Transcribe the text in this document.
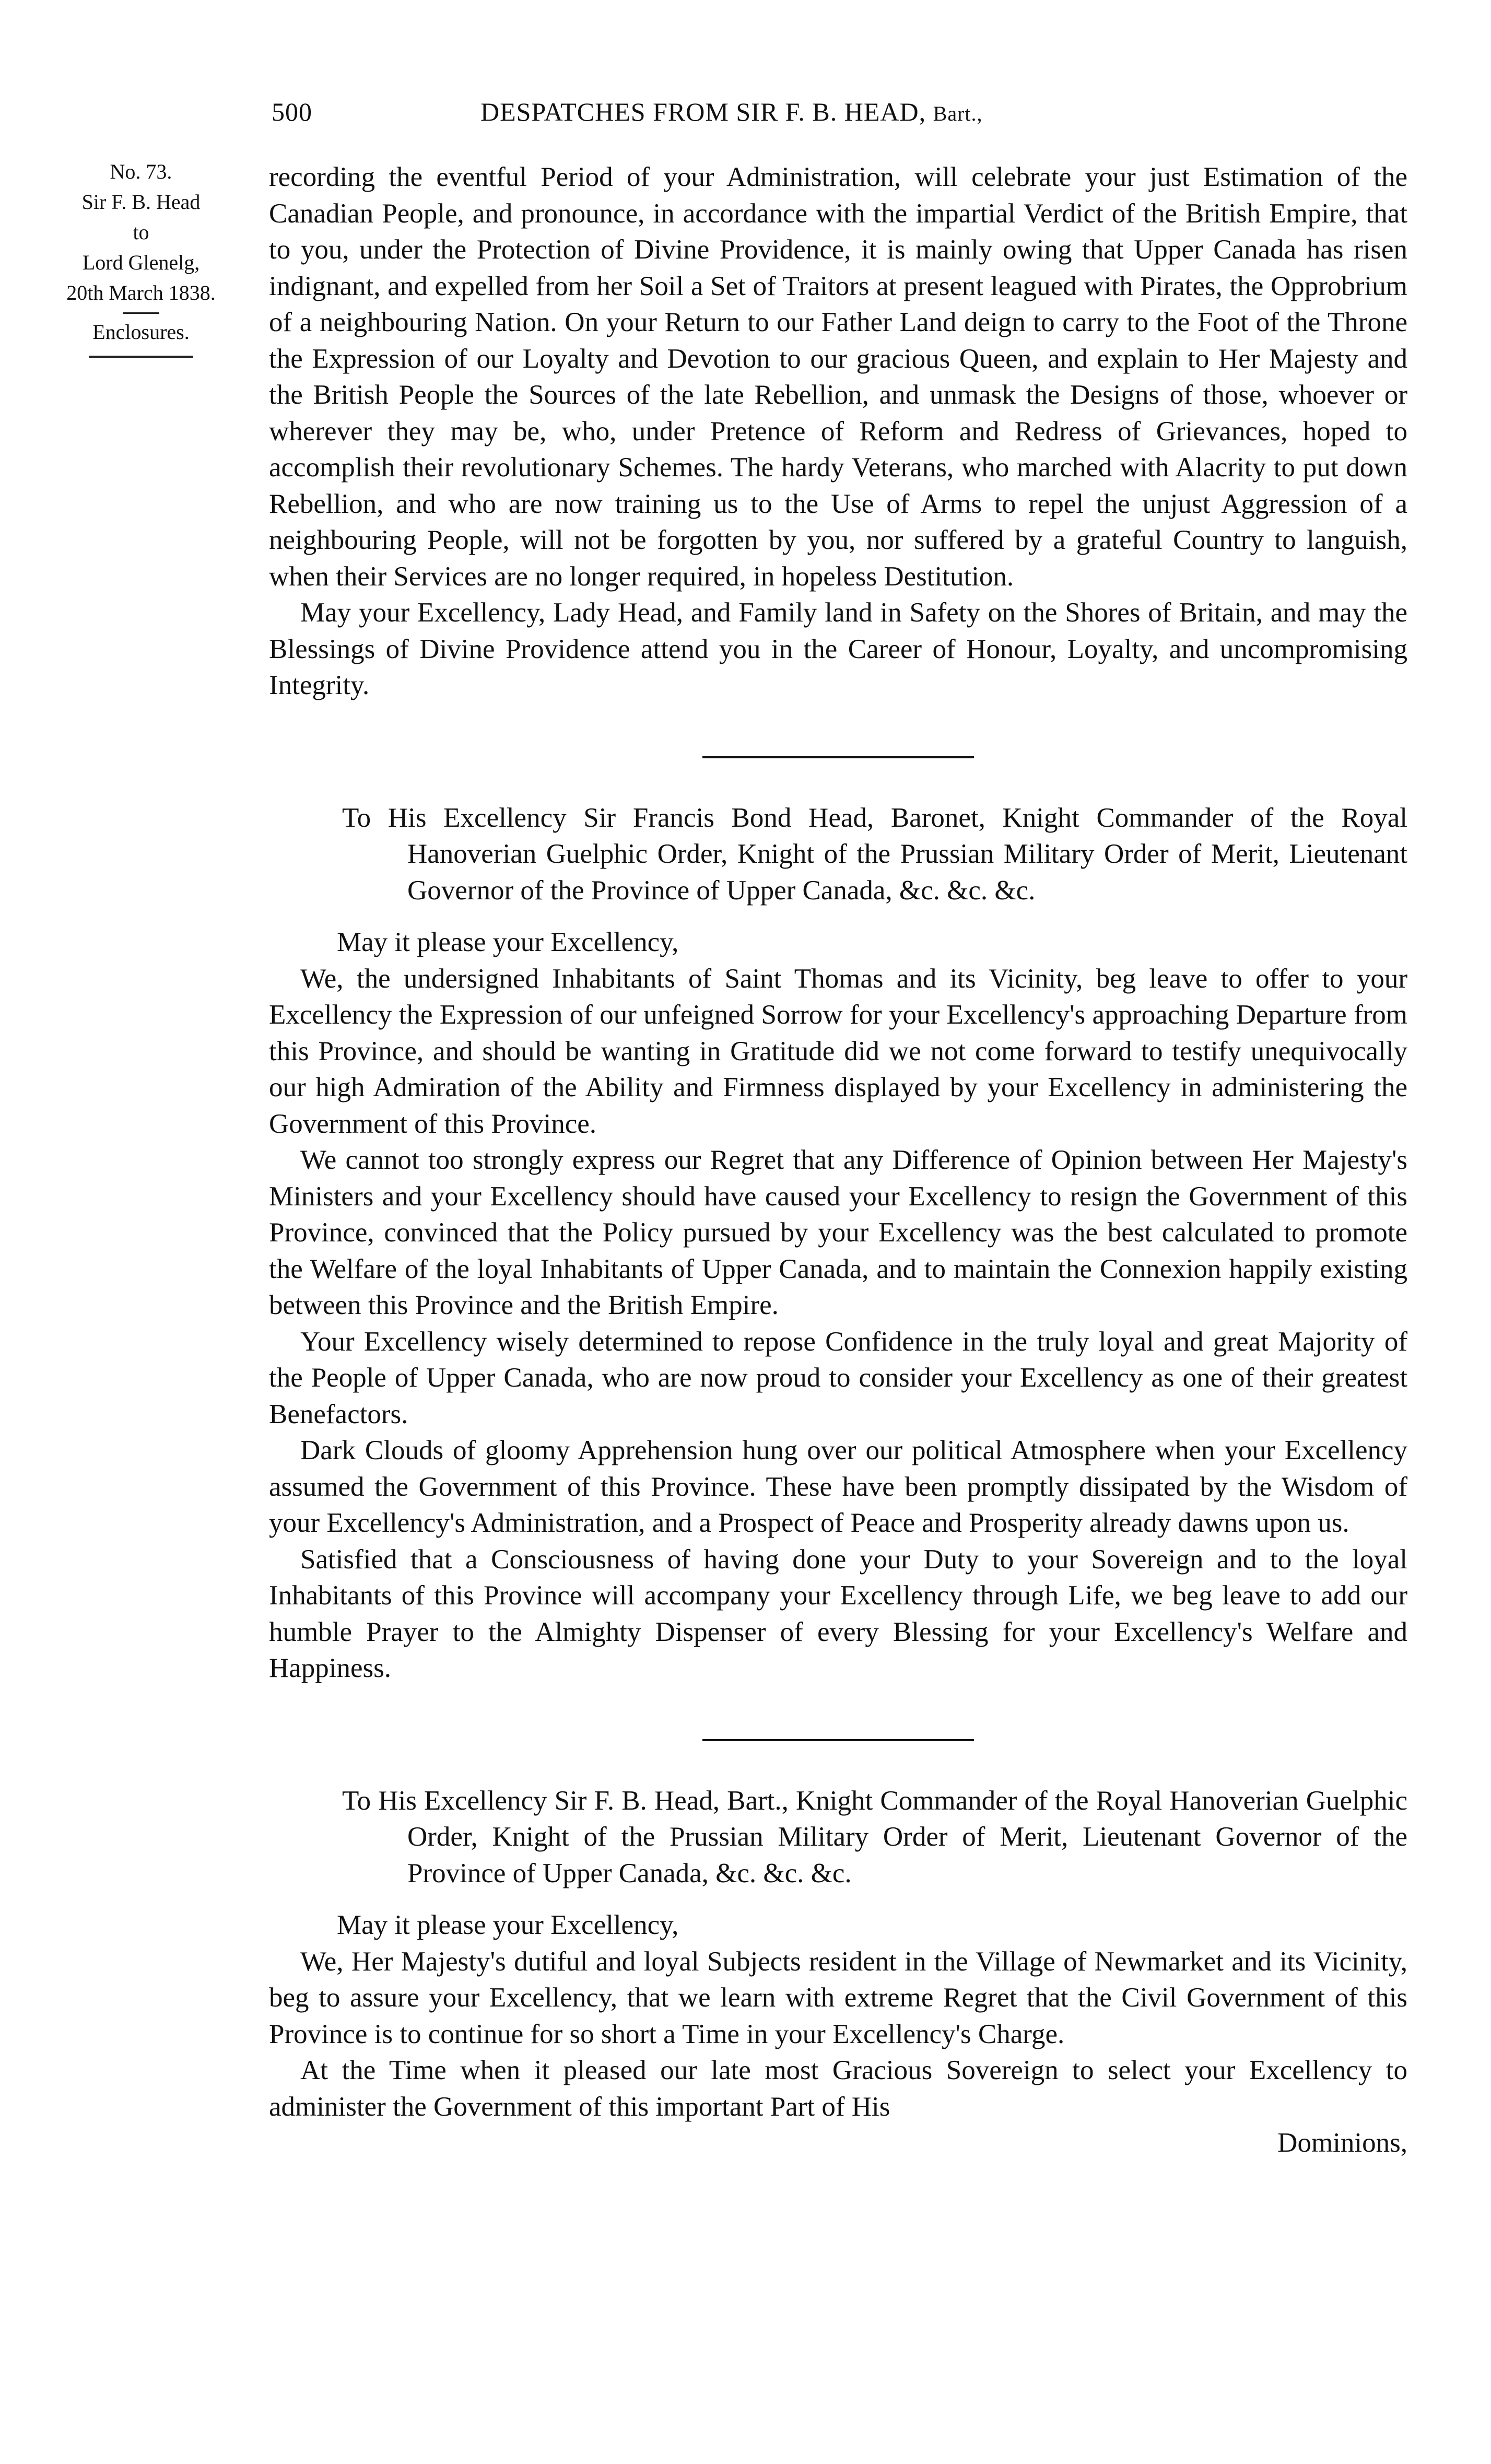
500	DESPATCHES FROM SIR F. B. HEAD, Bart.,
No. 73.
Sir F. B. Head
to
Lord Glenelg,
20th March 1838.
Enclosures.

recording the eventful Period of your Administration, will celebrate your just Estimation of the Canadian People, and pronounce, in accordance with the impartial Verdict of the British Empire, that to you, under the Protection of Divine Providence, it is mainly owing that Upper Canada has risen indignant, and expelled from her Soil a Set of Traitors at present leagued with Pirates, the Opprobrium of a neighbouring Nation. On your Return to our Father Land deign to carry to the Foot of the Throne the Expression of our Loyalty and Devotion to our gracious Queen, and explain to Her Majesty and the British People the Sources of the late Rebellion, and unmask the Designs of those, whoever or wherever they may be, who, under Pretence of Reform and Redress of Grievances, hoped to accomplish their revolutionary Schemes. The hardy Veterans, who marched with Alacrity to put down Rebellion, and who are now training us to the Use of Arms to repel the unjust Aggression of a neighbouring People, will not be forgotten by you, nor suffered by a grateful Country to languish, when their Services are no longer required, in hopeless Destitution.

May your Excellency, Lady Head, and Family land in Safety on the Shores of Britain, and may the Blessings of Divine Providence attend you in the Career of Honour, Loyalty, and uncompromising Integrity.

To His Excellency Sir Francis Bond Head, Baronet, Knight Commander of the Royal Hanoverian Guelphic Order, Knight of the Prussian Military Order of Merit, Lieutenant Governor of the Province of Upper Canada, &c. &c. &c.

May it please your Excellency,

We, the undersigned Inhabitants of Saint Thomas and its Vicinity, beg leave to offer to your Excellency the Expression of our unfeigned Sorrow for your Excellency's approaching Departure from this Province, and should be wanting in Gratitude did we not come forward to testify unequivocally our high Admiration of the Ability and Firmness displayed by your Excellency in administering the Government of this Province.

We cannot too strongly express our Regret that any Difference of Opinion between Her Majesty's Ministers and your Excellency should have caused your Excellency to resign the Government of this Province, convinced that the Policy pursued by your Excellency was the best calculated to promote the Welfare of the loyal Inhabitants of Upper Canada, and to maintain the Connexion happily existing between this Province and the British Empire.

Your Excellency wisely determined to repose Confidence in the truly loyal and great Majority of the People of Upper Canada, who are now proud to consider your Excellency as one of their greatest Benefactors.

Dark Clouds of gloomy Apprehension hung over our political Atmosphere when your Excellency assumed the Government of this Province. These have been promptly dissipated by the Wisdom of your Excellency's Administration, and a Prospect of Peace and Prosperity already dawns upon us.

Satisfied that a Consciousness of having done your Duty to your Sovereign and to the loyal Inhabitants of this Province will accompany your Excellency through Life, we beg leave to add our humble Prayer to the Almighty Dispenser of every Blessing for your Excellency's Welfare and Happiness.

To His Excellency Sir F. B. Head, Bart., Knight Commander of the Royal Hanoverian Guelphic Order, Knight of the Prussian Military Order of Merit, Lieutenant Governor of the Province of Upper Canada, &c. &c. &c.

May it please your Excellency,

We, Her Majesty's dutiful and loyal Subjects resident in the Village of Newmarket and its Vicinity, beg to assure your Excellency, that we learn with extreme Regret that the Civil Government of this Province is to continue for so short a Time in your Excellency's Charge.

At the Time when it pleased our late most Gracious Sovereign to select your Excellency to administer the Government of this important Part of His

Dominions,
